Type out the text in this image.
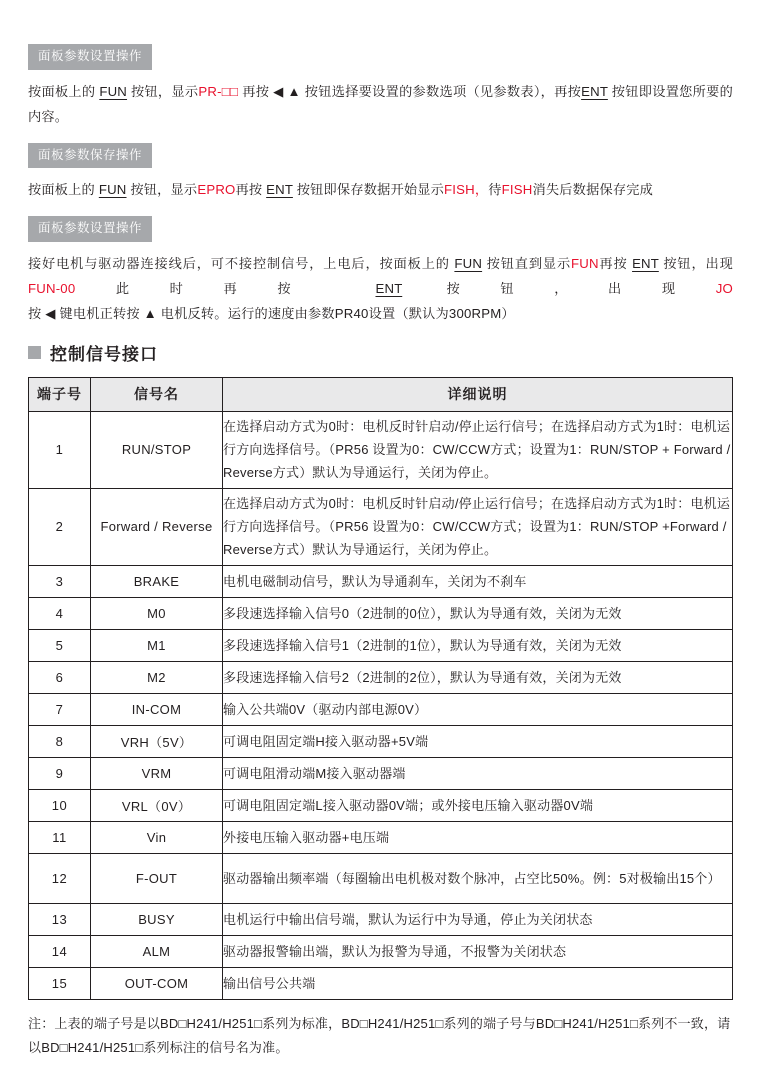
面板参数设置操作

按面板上的 FUN 按钮，显示PR-□□ 再按 ◀ ▲ 按钮选择要设置的参数选项（见参数表），再按ENT 按钮即设置您所要的内容。

面板参数保存操作

按面板上的 FUN 按钮，显示EPRO再按 ENT 按钮即保存数据开始显示FISH，待FISH消失后数据保存完成

面板参数设置操作

接好电机与驱动器连接线后，可不接控制信号，上电后，按面板上的 FUN 按钮直到显示FUN再按 ENT 按钮，出现FUN-00此时再按 ENT 按钮，出现JO按 ◀ 键电机正转按 ▲ 电机反转。运行的速度由参数PR40设置（默认为300RPM）

控制信号接口
端子号	信号名	详细说明
1	RUN/STOP	在选择启动方式为0时：电机反时针启动/停止运行信号；在选择启动方式为1时：电机运行方向选择信号。（PR56 设置为0：CW/CCW方式；设置为1：RUN/STOP + Forward / Reverse方式）默认为导通运行，关闭为停止。
2	Forward / Reverse	在选择启动方式为0时：电机反时针启动/停止运行信号；在选择启动方式为1时：电机运行方向选择信号。（PR56 设置为0：CW/CCW方式；设置为1：RUN/STOP +Forward / Reverse方式）默认为导通运行，关闭为停止。
3	BRAKE	电机电磁制动信号，默认为导通刹车，关闭为不刹车
4	M0	多段速选择输入信号0（2进制的0位），默认为导通有效，关闭为无效
5	M1	多段速选择输入信号1（2进制的1位），默认为导通有效，关闭为无效
6	M2	多段速选择输入信号2（2进制的2位），默认为导通有效，关闭为无效
7	IN-COM	输入公共端0V（驱动内部电源0V）
8	VRH（5V）	可调电阻固定端H接入驱动器+5V端
9	VRM	可调电阻滑动端M接入驱动器端
10	VRL（0V）	可调电阻固定端L接入驱动器0V端；或外接电压输入驱动器0V端
11	Vin	外接电压输入驱动器+电压端
12	F-OUT	驱动器输出频率端（每圈输出电机极对数个脉冲，占空比50%。例：5对极输出15个）
13	BUSY	电机运行中输出信号端，默认为运行中为导通，停止为关闭状态
14	ALM	驱动器报警输出端，默认为报警为导通，不报警为关闭状态
15	OUT-COM	输出信号公共端
注：上表的端子号是以BD□H241/H251□系列为标准，BD□H241/H251□系列的端子号与BD□H241/H251□系列不一致，请以BD□H241/H251□系列标注的信号名为准。
